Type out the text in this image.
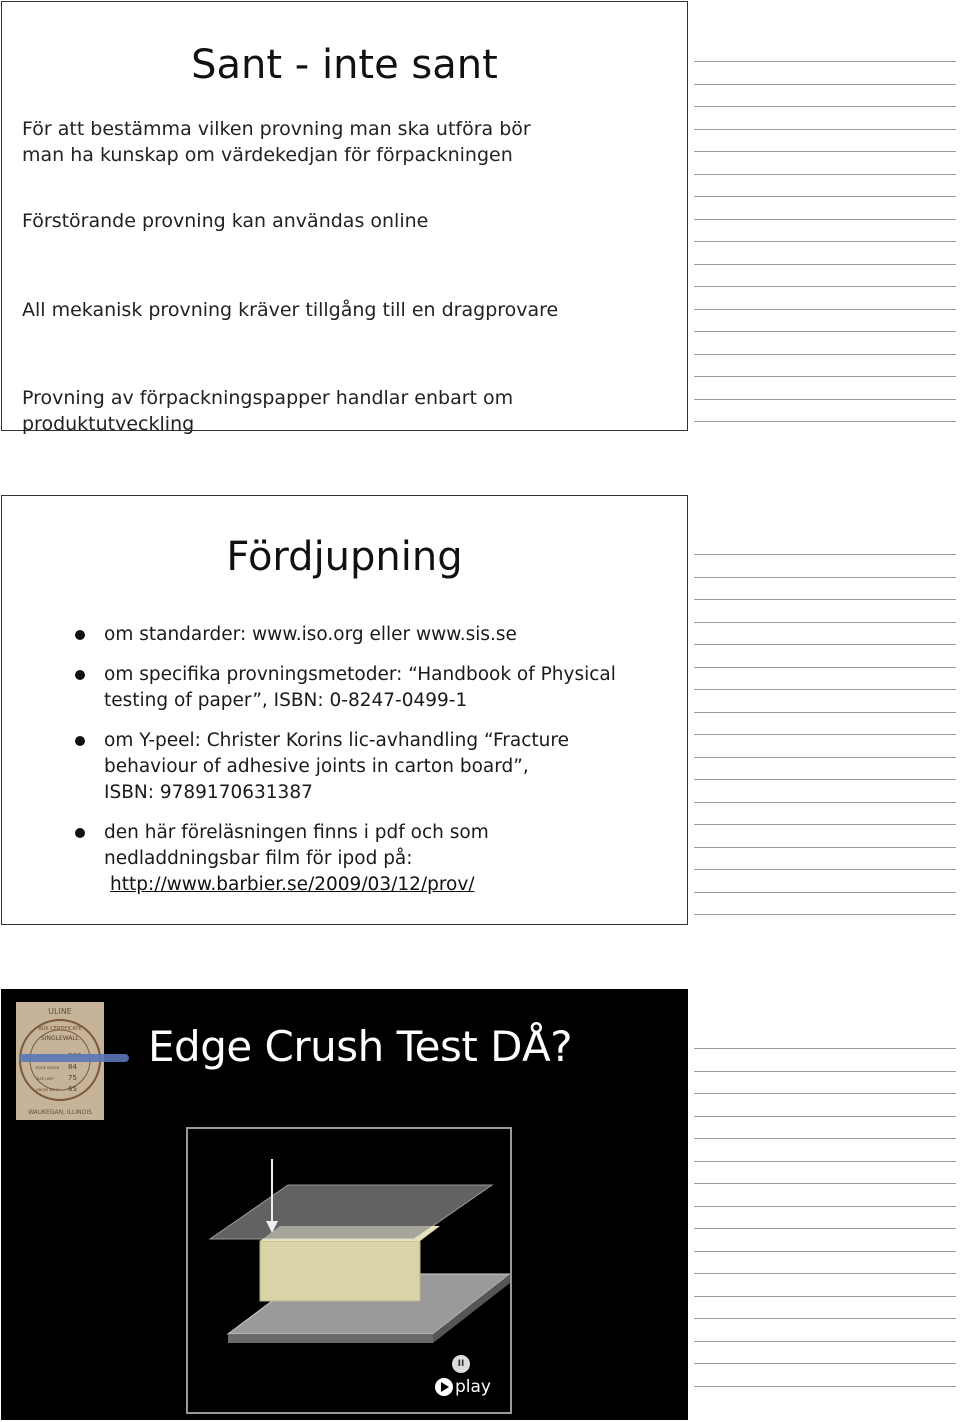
Sant - inte sant

För att bestämma vilken provning man ska utföra bör

man ha kunskap om värdekedjan för förpackningen

Förstörande provning kan användas online

All mekanisk provning kräver tillgång till en dragprovare

Provning av förpackningspapper handlar enbart om produktutveckling

Fördjupning
om standarder: www.iso.org eller www.sis.se
om specifika provningsmetoder: “Handbook of Physical
testing of paper”, ISBN: 0-8247-0499-1
om Y-peel: Christer Korins lic-avhandling “Fracture
behaviour of adhesive joints in carton board”,
ISBN: 9789170631387
den här föreläsningen finns i pdf och som
nedladdningsbar film för ipod på:
http://www.barbier.se/2009/03/12/prov/
ULINE
BOX CERTIFICATE
SINGLEWALL
EDGE CRUSH 84
SIZE LIMIT 75
GROSS WT LT 65
WAUKEGAN, ILLINOIS
Edge Crush Test DÅ?
II
play
